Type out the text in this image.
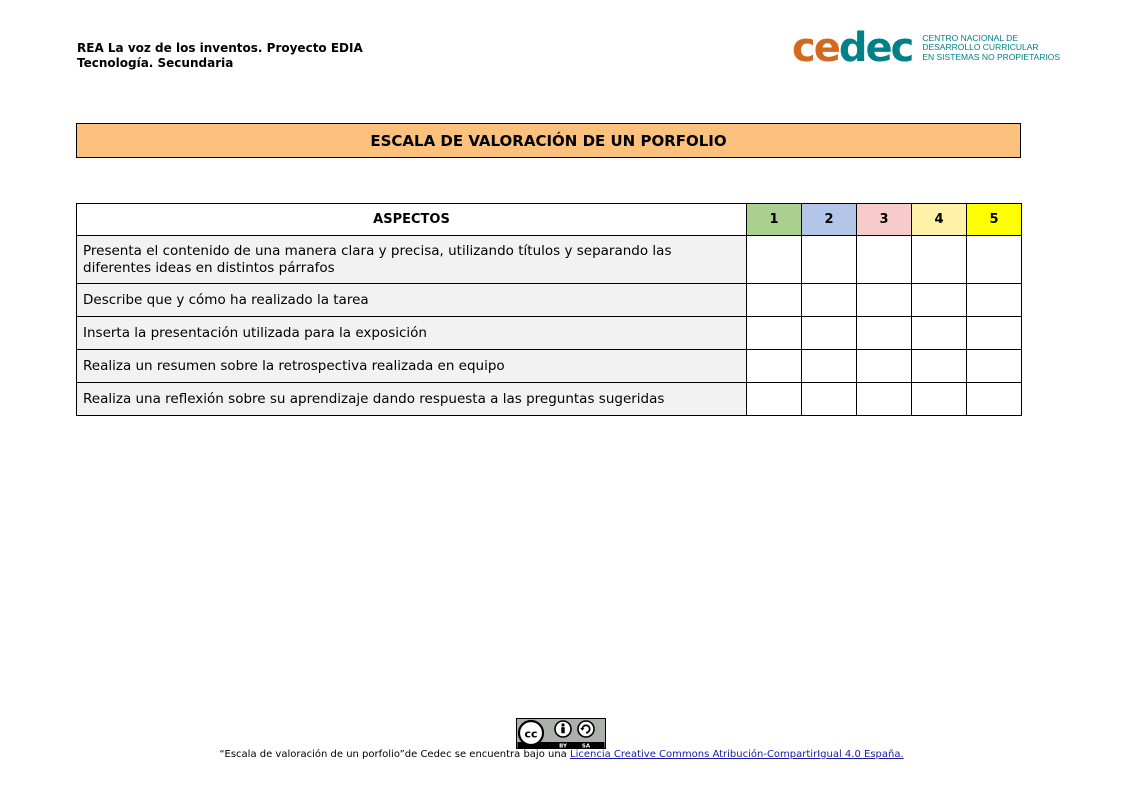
REA La voz de los inventos. Proyecto EDIA
Tecnología. Secundaria	cedec CENTRO NACIONAL DE
DESARROLLO CURRICULAR
EN SISTEMAS NO PROPIETARIOS
ESCALA DE VALORACIÓN DE UN PORFOLIO
ASPECTOS	1	2	3	4	5
Presenta el contenido de una manera clara y precisa, utilizando títulos y separando las diferentes ideas en distintos párrafos					
Describe que y cómo ha realizado la tarea					
Inserta la presentación utilizada para la exposición					
Realiza un resumen sobre la retrospectiva realizada en equipo					
Realiza una reflexión sobre su aprendizaje dando respuesta a las preguntas sugeridas					
cc
BY	SA
“Escala de valoración de un porfolio”de Cedec se encuentra bajo una Licencia Creative Commons Atribución-CompartirIgual 4.0 España.
